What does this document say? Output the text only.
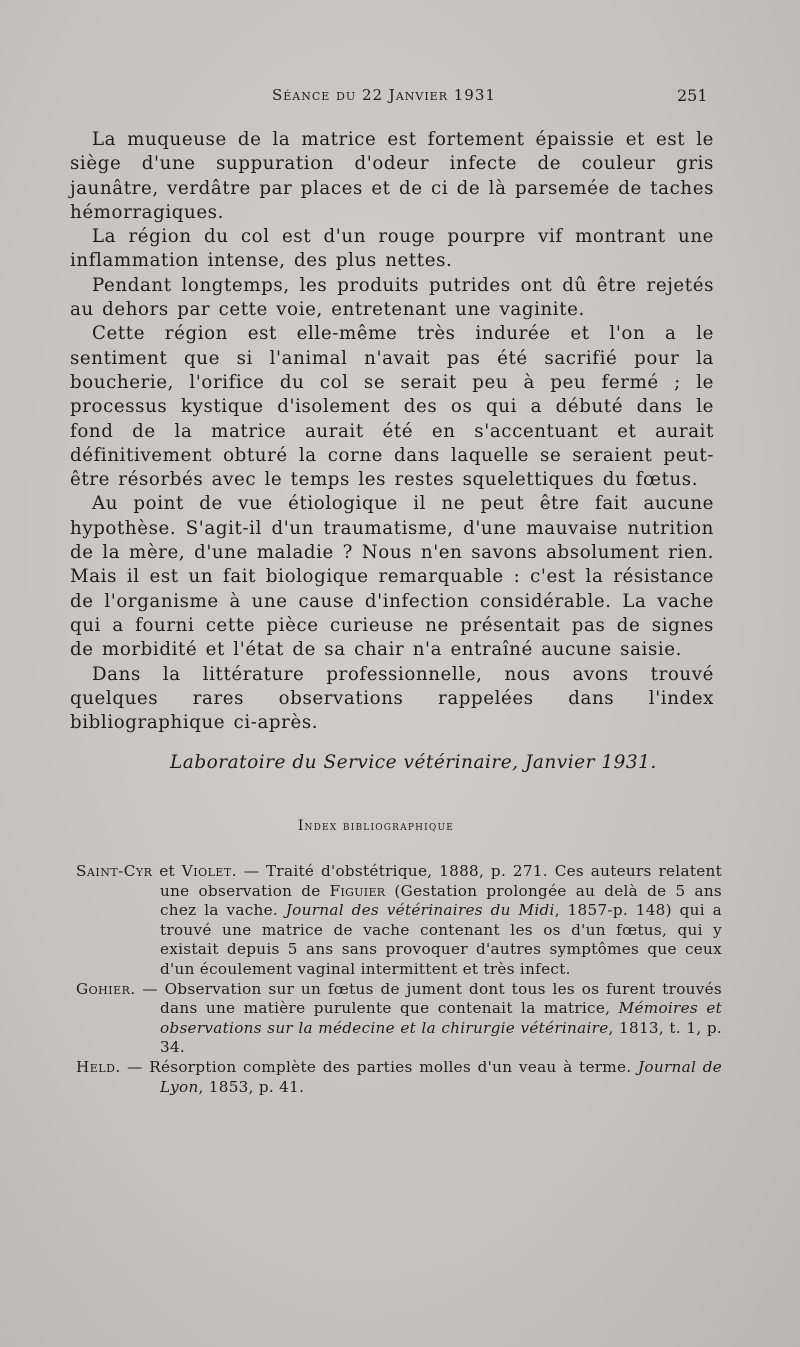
Séance du 22 Janvier 1931	251

La muqueuse de la matrice est fortement épaissie et est le siège d'une suppuration d'odeur infecte de couleur gris jaunâtre, verdâtre par places et de ci de là parsemée de taches hémorragiques.

La région du col est d'un rouge pourpre vif montrant une inflammation intense, des plus nettes.

Pendant longtemps, les produits putrides ont dû être rejetés au dehors par cette voie, entretenant une vaginite.

Cette région est elle-même très indurée et l'on a le sentiment que si l'animal n'avait pas été sacrifié pour la boucherie, l'orifice du col se serait peu à peu fermé ; le processus kystique d'isolement des os qui a débuté dans le fond de la matrice aurait été en s'accentuant et aurait définitivement obturé la corne dans laquelle se seraient peut-être résorbés avec le temps les restes squelettiques du fœtus.

Au point de vue étiologique il ne peut être fait aucune hypothèse. S'agit-il d'un traumatisme, d'une mauvaise nutrition de la mère, d'une maladie ? Nous n'en savons absolument rien. Mais il est un fait biologique remarquable : c'est la résistance de l'organisme à une cause d'infection considérable. La vache qui a fourni cette pièce curieuse ne présentait pas de signes de morbidité et l'état de sa chair n'a entraîné aucune saisie.

Dans la littérature professionnelle, nous avons trouvé quelques rares observations rappelées dans l'index bibliographique ci-après.

Laboratoire du Service vétérinaire, Janvier 1931.
Index bibliographique

Saint-Cyr et Violet. — Traité d'obstétrique, 1888, p. 271. Ces auteurs relatent une observation de Figuier (Gestation prolongée au delà de 5 ans chez la vache. Journal des vétérinaires du Midi, 1857-p. 148) qui a trouvé une matrice de vache contenant les os d'un fœtus, qui y existait depuis 5 ans sans provoquer d'autres symptômes que ceux d'un écoulement vaginal intermittent et très infect.

Gohier. — Observation sur un fœtus de jument dont tous les os furent trouvés dans une matière purulente que contenait la matrice, Mémoires et observations sur la médecine et la chirurgie vétérinaire, 1813, t. 1, p. 34.

Held. — Résorption complète des parties molles d'un veau à terme. Journal de Lyon, 1853, p. 41.
